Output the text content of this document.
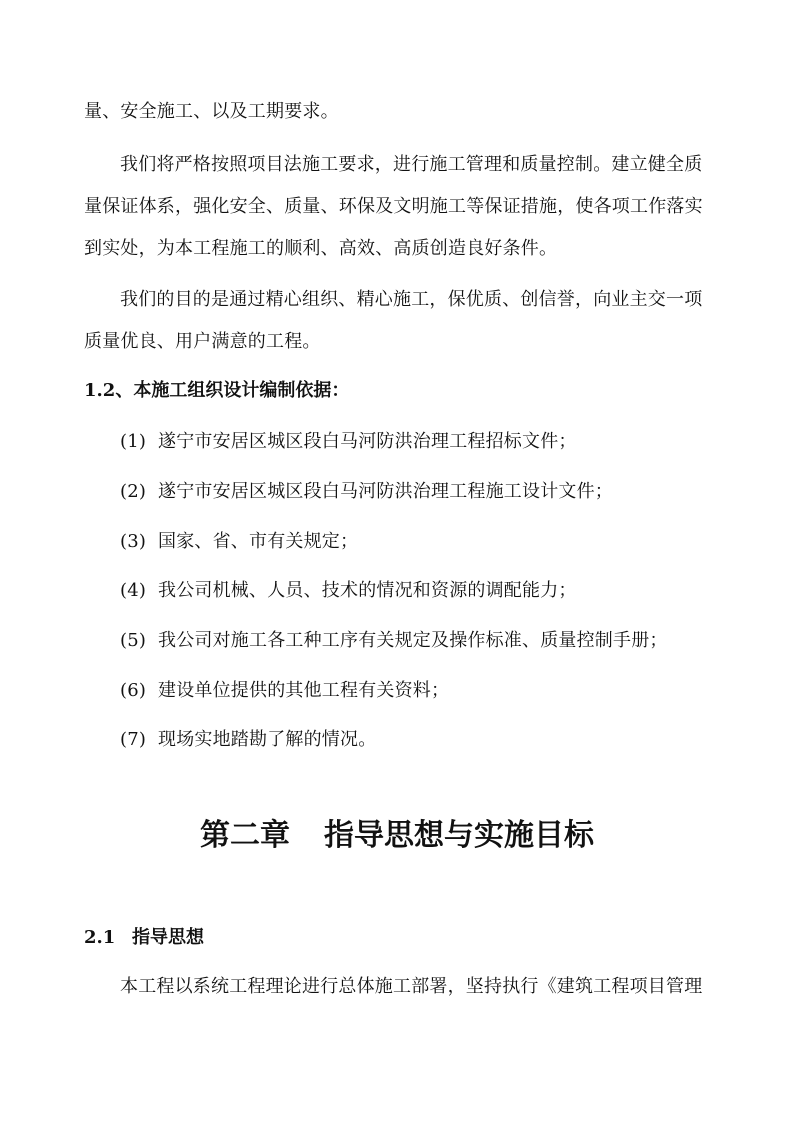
量、安全施工、以及工期要求。

我们将严格按照项目法施工要求，进行施工管理和质量控制。建立健全质

量保证体系，强化安全、质量、环保及文明施工等保证措施，使各项工作落实

到实处，为本工程施工的顺利、高效、高质创造良好条件。

我们的目的是通过精心组织、精心施工，保优质、创信誉，向业主交一项

质量优良、用户满意的工程。

1.2、本施工组织设计编制依据：

(1) 遂宁市安居区城区段白马河防洪治理工程招标文件；

(2) 遂宁市安居区城区段白马河防洪治理工程施工设计文件；

(3) 国家、省、市有关规定；

(4) 我公司机械、人员、技术的情况和资源的调配能力；

(5) 我公司对施工各工种工序有关规定及操作标准、质量控制手册；

(6) 建设单位提供的其他工程有关资料；

(7) 现场实地踏勘了解的情况。

第二章 指导思想与实施目标

2.1 指导思想

本工程以系统工程理论进行总体施工部署，坚持执行《建筑工程项目管理
